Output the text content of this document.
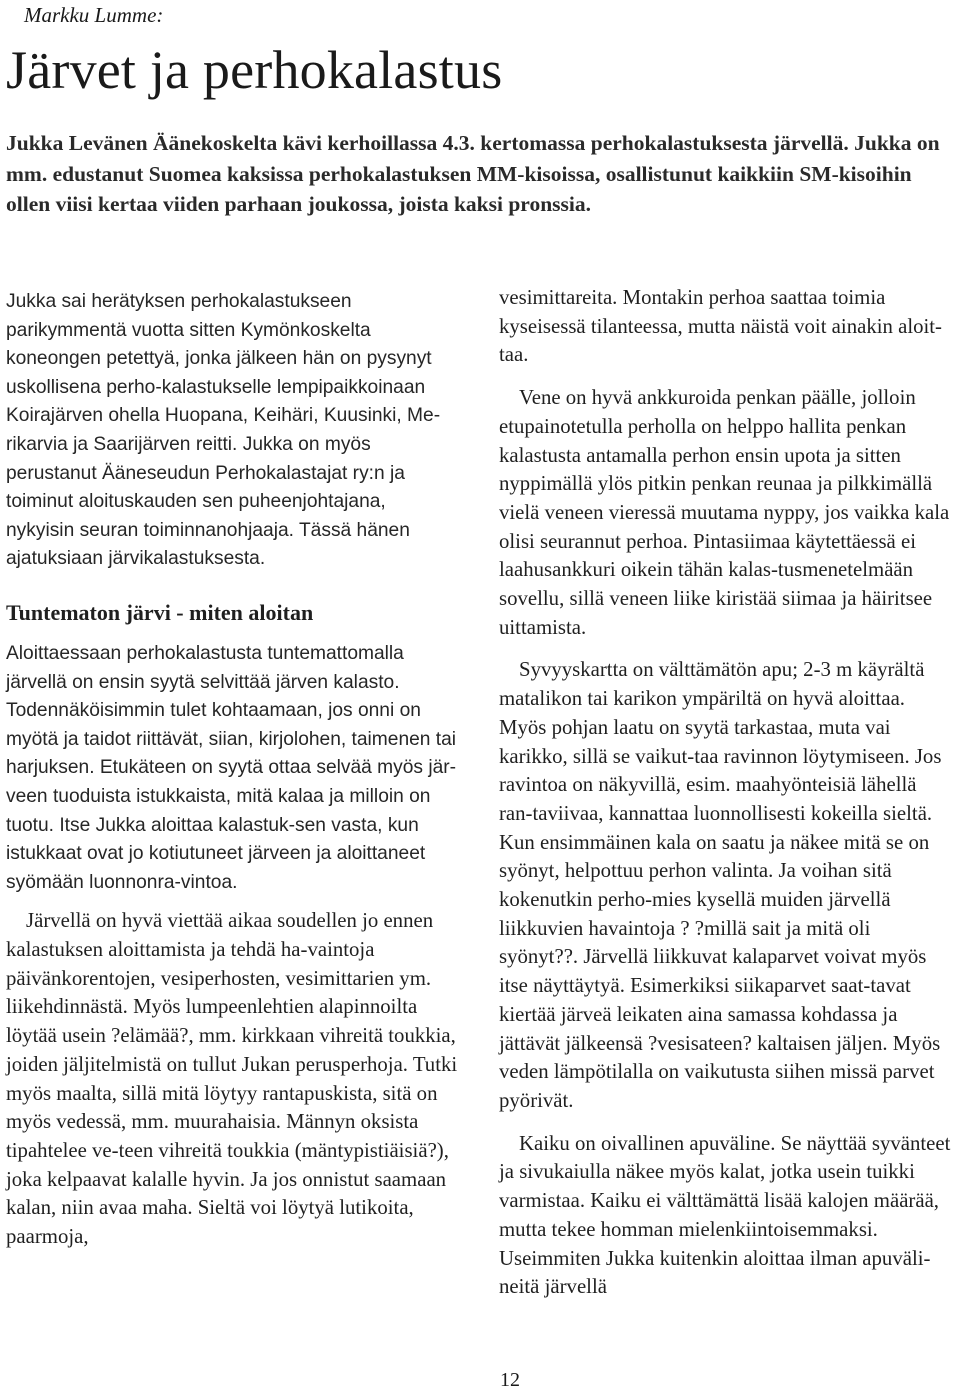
Markku Lumme:
Järvet ja perhokalastus

Jukka Levänen Äänekoskelta kävi kerhoillassa 4.3. kertomassa perhokalastuksesta järvellä. Jukka on mm. edustanut Suomea kaksissa perhokalastuksen MM-kisoissa, osallistunut kaikkiin SM-kisoihin ollen viisi kertaa viiden parhaan joukossa, joista kaksi pronssia.

Jukka sai herätyksen perhokalastukseen parikymmentä vuotta sitten Kymönkoskelta koneongen petettyä, jonka jälkeen hän on pysynyt uskollisena perho-kalastukselle lempipaikkoinaan Koirajärven ohella Huopana, Keihäri, Kuusinki, Me-rikarvia ja Saarijärven reitti. Jukka on myös perustanut Ääneseudun Perhokalastajat ry:n ja toiminut aloituskauden sen puheenjohtajana, nykyisin seuran toiminnanohjaaja. Tässä hänen ajatuksiaan järvikalastuksesta.

Tuntematon järvi - miten aloitan

Aloittaessaan perhokalastusta tuntemattomalla järvellä on ensin syytä selvittää järven kalasto. Todennäköisimmin tulet kohtaamaan, jos onni on myötä ja taidot riittävät, siian, kirjolohen, taimenen tai harjuksen. Etukäteen on syytä ottaa selvää myös jär-veen tuoduista istukkaista, mitä kalaa ja milloin on tuotu. Itse Jukka aloittaa kalastuk-sen vasta, kun istukkaat ovat jo kotiutuneet järveen ja aloittaneet syömään luonnonra-vintoa.

Järvellä on hyvä viettää aikaa soudellen jo ennen kalastuksen aloittamista ja tehdä ha-vaintoja päivänkorentojen, vesiperhosten, vesimittarien ym. liikehdinnästä. Myös lumpeenlehtien alapinnoilta löytää usein ?elämää?, mm. kirkkaan vihreitä toukkia, joiden jäljitelmistä on tullut Jukan perusperhoja. Tutki myös maalta, sillä mitä löytyy rantapuskista, sitä on myös vedessä, mm. muurahaisia. Männyn oksista tipahtelee ve-teen vihreitä toukkia (mäntypistiäisiä?), joka kelpaavat kalalle hyvin. Ja jos onnistut saamaan kalan, niin avaa maha. Sieltä voi löytyä lutikoita, paarmoja,

vesimittareita. Montakin perhoa saattaa toimia kyseisessä tilanteessa, mutta näistä voit ainakin aloit-taa.

Vene on hyvä ankkuroida penkan päälle, jolloin etupainotetulla perholla on helppo hallita penkan kalastusta antamalla perhon ensin upota ja sitten nyppimällä ylös pitkin penkan reunaa ja pilkkimällä vielä veneen vieressä muutama nyppy, jos vaikka kala olisi seurannut perhoa. Pintasiimaa käytettäessä ei laahusankkuri oikein tähän kalas-tusmenetelmään sovellu, sillä veneen liike kiristää siimaa ja häiritsee uittamista.

Syvyyskartta on välttämätön apu; 2-3 m käyrältä matalikon tai karikon ympäriltä on hyvä aloittaa. Myös pohjan laatu on syytä tarkastaa, muta vai karikko, sillä se vaikut-taa ravinnon löytymiseen. Jos ravintoa on näkyvillä, esim. maahyönteisiä lähellä ran-taviivaa, kannattaa luonnollisesti kokeilla sieltä. Kun ensimmäinen kala on saatu ja näkee mitä se on syönyt, helpottuu perhon valinta. Ja voihan sitä kokenutkin perho-mies kysellä muiden järvellä liikkuvien havaintoja ? ?millä sait ja mitä oli syönyt??. Järvellä liikkuvat kalaparvet voivat myös itse näyttäytyä. Esimerkiksi siikaparvet saat-tavat kiertää järveä leikaten aina samassa kohdassa ja jättävät jälkeensä ?vesisateen? kaltaisen jäljen. Myös veden lämpötilalla on vaikutusta siihen missä parvet pyörivät.

Kaiku on oivallinen apuväline. Se näyttää syvänteet ja sivukaiulla näkee myös kalat, jotka usein tuikki varmistaa. Kaiku ei välttämättä lisää kalojen määrää, mutta tekee homman mielenkiintoisemmaksi. Useimmiten Jukka kuitenkin aloittaa ilman apuväli-neitä järvellä

12
